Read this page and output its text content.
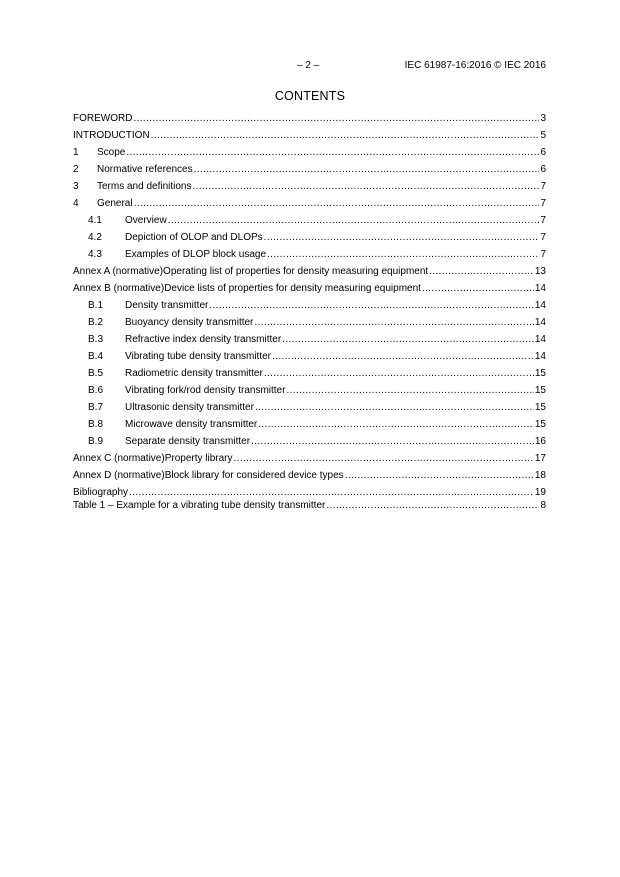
– 2 –	IEC 61987-16:2016 © IEC 2016
CONTENTS
FOREWORD . . .	3
INTRODUCTION . . .	5
1	Scope . . .	6
2	Normative references . . .	6
3	Terms and definitions . . .	7
4	General . . .	7
4.1	Overview . . .	7
4.2	Depiction of OLOP and DLOPs . . .	7
4.3	Examples of DLOP block usage . . .	7
Annex A (normative) Operating list of properties for density measuring equipment . . .	13
Annex B (normative) Device lists of properties for density measuring equipment . . .	14
B.1	Density transmitter . . .	14
B.2	Buoyancy density transmitter . . .	14
B.3	Refractive index density transmitter . . .	14
B.4	Vibrating tube density transmitter . . .	14
B.5	Radiometric density transmitter . . .	15
B.6	Vibrating fork/rod density transmitter . . .	15
B.7	Ultrasonic density transmitter . . .	15
B.8	Microwave density transmitter . . .	15
B.9	Separate density transmitter . . .	16
Annex C (normative) Property library . . .	17
Annex D (normative) Block library for considered device types . . .	18
Bibliography . . .	19
Table 1 – Example for a vibrating tube density transmitter . . .	8
